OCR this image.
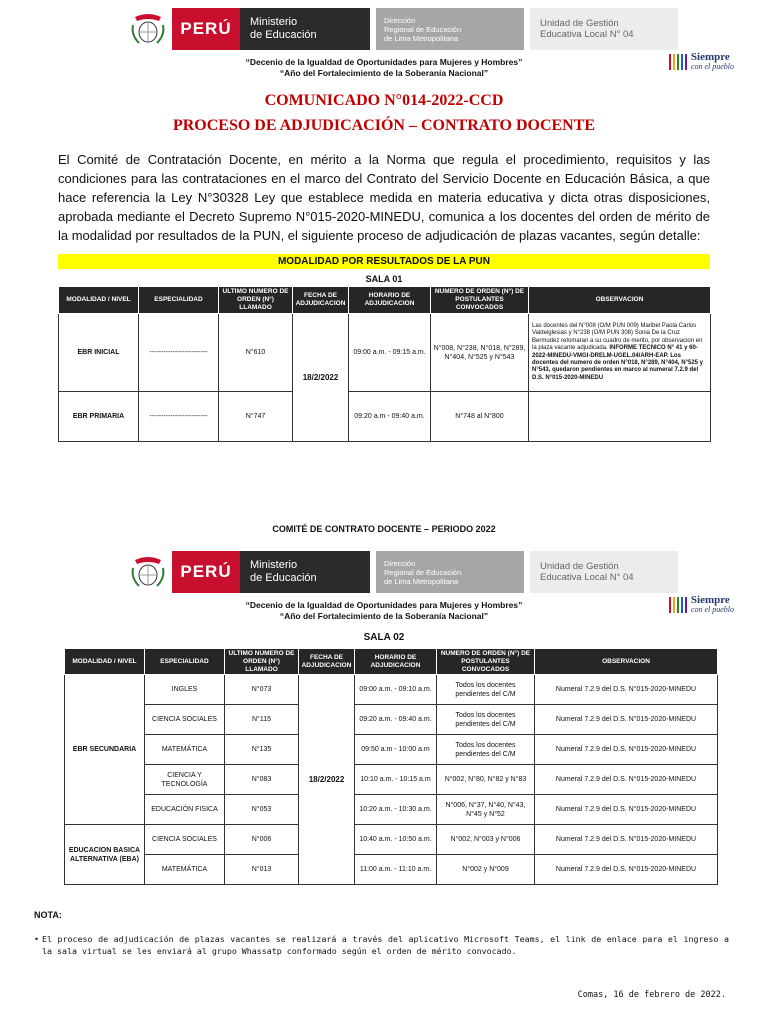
PERÚ	Ministerio
de Educación
Dirección
Regional de Educación
de Lima Metropolitana
Unidad de Gestión
Educativa Local N° 04
Siempre
con el pueblo
“Decenio de la Igualdad de Oportunidades para Mujeres y Hombres”
“Año del Fortalecimiento de la Soberanía Nacional”
COMUNICADO N°014-2022-CCD
PROCESO DE ADJUDICACIÓN – CONTRATO DOCENTE
El Comité de Contratación Docente, en mérito a la Norma que regula el procedimiento, requisitos y las condiciones para las contrataciones en el marco del Contrato del Servicio Docente en Educación Básica, a que hace referencia la Ley N°30328 Ley que establece medida en materia educativa y dicta otras disposiciones, aprobada mediante el Decreto Supremo N°015-2020-MINEDU, comunica a los docentes del orden de mérito de la modalidad por resultados de la PUN, el siguiente proceso de adjudicación de plazas vacantes, según detalle:
MODALIDAD POR RESULTADOS DE LA PUN
SALA 01
MODALIDAD / NIVEL	ESPECIALIDAD	ULTIMO NUMERO DE ORDEN (N°) LLAMADO	FECHA DE ADJUDICACION	HORARIO DE ADJUDICACION	NUMERO DE ORDEN (N°) DE POSTULANTES CONVOCADOS	OBSERVACION
EBR INICIAL	-------------------------	N°610	18/2/2022	09:00 a.m. - 09:15 a.m.	N°008, N°238, N°018, N°289, N°404, N°525 y N°543	Las docentes del N°008 (O/M PUN 009) Maribel Paola Carlos Valdeiglesias y N°238 (O/M PUN 308) Sonia De la Cruz Bermudez retomaran a su cuadro de merito, por observacion en la plaza vacante adjudicada. INFORME TECNICO N° 41 y 60-2022-MINEDU-VMGI-DRELM-UGEL.04/ARH-EAP. Los docentes del numero de orden N°018, N°289, N°404, N°525 y N°543, quedaron pendientes en marco al numeral 7.2.9 del D.S. N°015-2020-MINEDU
EBR PRIMARIA	-------------------------	N°747		09:20 a.m - 09:40 a.m.	N°748 al N°800	
COMITÉ DE CONTRATO DOCENTE – PERIODO 2022
PERÚ	Ministerio
de Educación
Dirección
Regional de Educación
de Lima Metropolitana
Unidad de Gestión
Educativa Local N° 04
Siempre
con el pueblo
“Decenio de la Igualdad de Oportunidades para Mujeres y Hombres”
“Año del Fortalecimiento de la Soberanía Nacional”
SALA 02
MODALIDAD / NIVEL	ESPECIALIDAD	ULTIMO NUMERO DE ORDEN (N°) LLAMADO	FECHA DE ADJUDICACION	HORARIO DE ADJUDICACION	NUMERO DE ORDEN (N°) DE POSTULANTES CONVOCADOS	OBSERVACION
EBR SECUNDARIA	INGLES	N°073	18/2/2022	09:00 a.m. - 09:10 a.m.	Todos los docentes pendientes del C/M	Numeral 7.2.9 del D.S. N°015-2020-MINEDU
	CIENCIA SOCIALES	N°115		09:20 a.m. - 09:40 a.m.	Todos los docentes pendientes del C/M	Numeral 7.2.9 del D.S. N°015-2020-MINEDU
	MATEMÁTICA	N°135		09:50 a.m - 10:00 a.m	Todos los docentes pendientes del C/M	Numeral 7.2.9 del D.S. N°015-2020-MINEDU
	CIENCIA Y TECNOLOGÍA	N°083		10:10 a.m. - 10:15 a.m	N°002, N°80, N°82 y N°83	Numeral 7.2.9 del D.S. N°015-2020-MINEDU
	EDUCACIÓN FISICA	N°053		10:20 a.m. - 10:30 a.m.	N°006, N°37, N°40, N°43, N°45 y N°52	Numeral 7.2.9 del D.S. N°015-2020-MINEDU
EDUCACION BASICA ALTERNATIVA (EBA)	CIENCIA SOCIALES	N°006		10:40 a.m. - 10:50 a.m.	N°002, N°003 y N°006	Numeral 7.2.9 del D.S. N°015-2020-MINEDU
	MATEMÁTICA	N°013		11:00 a.m. - 11:10 a.m.	N°002 y N°009	Numeral 7.2.9 del D.S. N°015-2020-MINEDU
NOTA:
• El proceso de adjudicación de plazas vacantes se realizará a través del aplicativo Microsoft Teams, el link de enlace para el ingreso a la sala virtual se les enviará al grupo Whassatp conformado según el orden de mérito convocado.
Comas, 16 de febrero de 2022.
